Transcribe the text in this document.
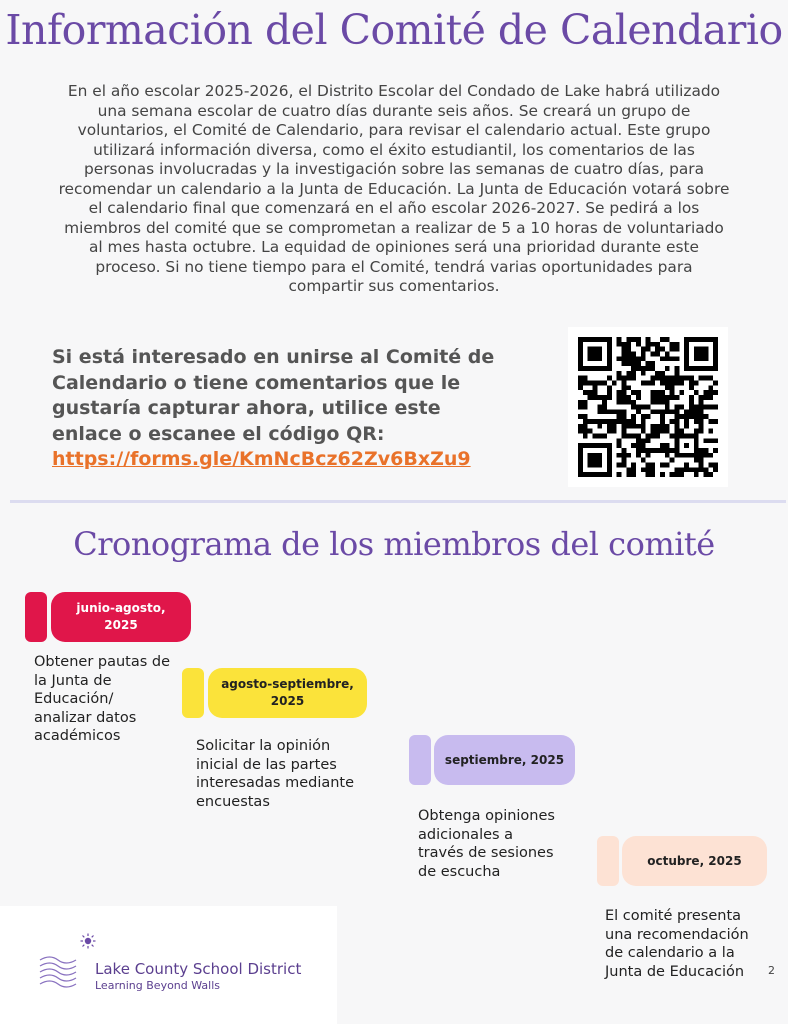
Información del Comité de Calendario
En el año escolar 2025-2026, el Distrito Escolar del Condado de Lake habrá utilizado una semana escolar de cuatro días durante seis años. Se creará un grupo de voluntarios, el Comité de Calendario, para revisar el calendario actual. Este grupo utilizará información diversa, como el éxito estudiantil, los comentarios de las personas involucradas y la investigación sobre las semanas de cuatro días, para recomendar un calendario a la Junta de Educación. La Junta de Educación votará sobre el calendario final que comenzará en el año escolar 2026-2027. Se pedirá a los miembros del comité que se comprometan a realizar de 5 a 10 horas de voluntariado al mes hasta octubre. La equidad de opiniones será una prioridad durante este proceso. Si no tiene tiempo para el Comité, tendrá varias oportunidades para compartir sus comentarios.
Si está interesado en unirse al Comité de Calendario o tiene comentarios que le gustaría capturar ahora, utilice este enlace o escanee el código QR:
https://forms.gle/KmNcBcz62Zv6BxZu9
Cronograma de los miembros del comité
junio-agosto, 2025
Obtener pautas de la Junta de Educación/ analizar datos académicos
agosto-septiembre, 2025
Solicitar la opinión inicial de las partes interesadas mediante encuestas
septiembre, 2025
Obtenga opiniones adicionales a través de sesiones de escucha
octubre, 2025
El comité presenta una recomendación de calendario a la Junta de Educación
Lake County School District
Learning Beyond Walls
2
